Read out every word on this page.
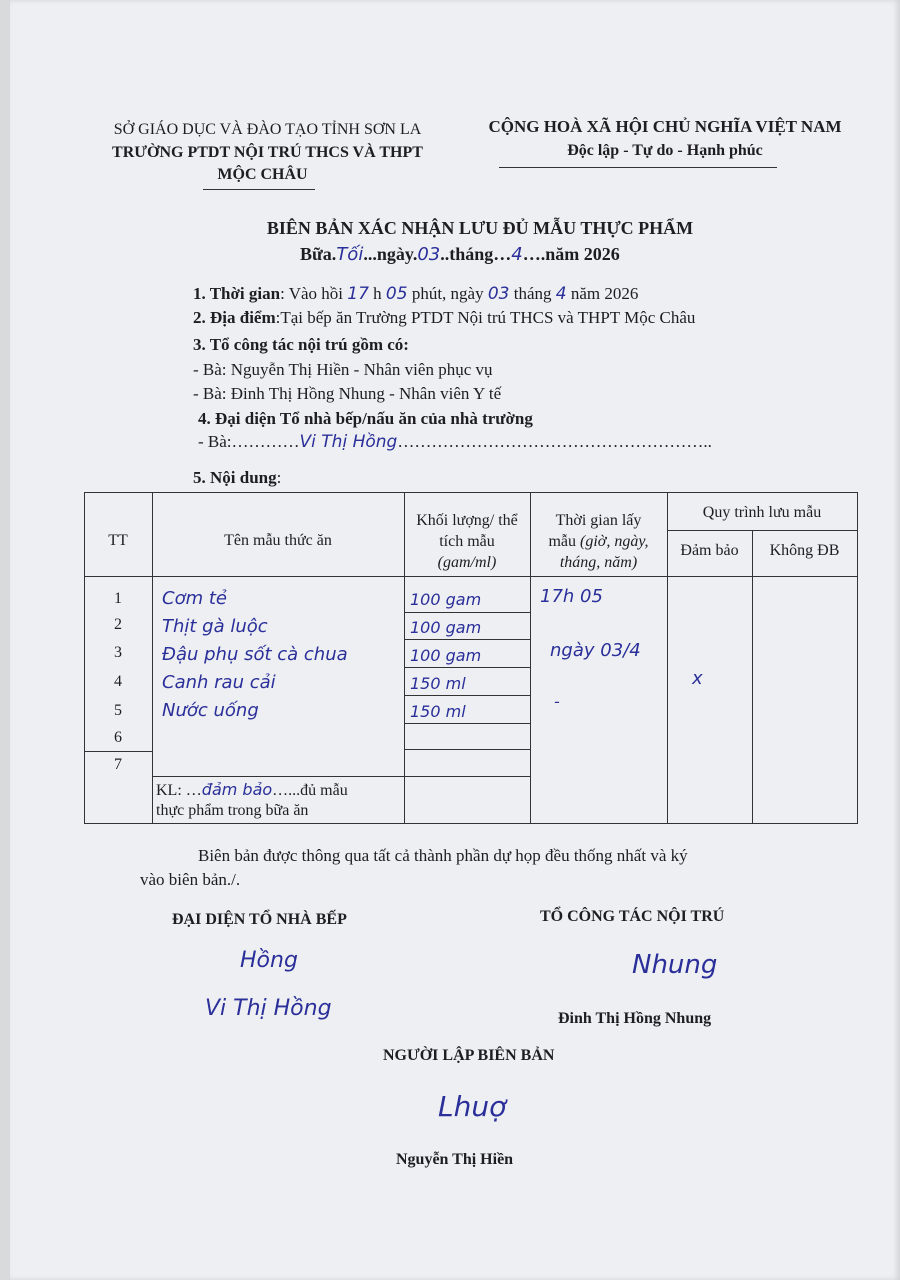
SỞ GIÁO DỤC VÀ ĐÀO TẠO TỈNH SƠN LA
TRƯỜNG PTDT NỘI TRÚ THCS VÀ THPT
MỘC CHÂU
CỘNG HOÀ XÃ HỘI CHỦ NGHĨA VIỆT NAM
Độc lập - Tự do - Hạnh phúc
BIÊN BẢN XÁC NHẬN LƯU ĐỦ MẪU THỰC PHẨM
Bữa.Tối...ngày.03..tháng…4….năm 2026
1. Thời gian: Vào hồi 17 h 05 phút, ngày 03 tháng 4 năm 2026
2. Địa điểm:Tại bếp ăn Trường PTDT Nội trú THCS và THPT Mộc Châu
3. Tổ công tác nội trú gồm có:
- Bà: Nguyễn Thị Hiền - Nhân viên phục vụ
- Bà: Đinh Thị Hồng Nhung - Nhân viên Y tế
4. Đại diện Tổ nhà bếp/nấu ăn của nhà trường
- Bà:…………Vi Thị Hồng………………………………………………..
5. Nội dung:
TT	Tên mẫu thức ăn
Khối lượng/ thể
tích mẫu
(gam/ml)
Thời gian lấy
mẫu (giờ, ngày,
tháng, năm)
Quy trình lưu mẫu
Đảm bảo	Không ĐB
1
2
3
4
5
6
7
Cơm tẻ
Thịt gà luộc
Đậu phụ sốt cà chua
Canh rau cải
Nước uống
100 gam
100 gam
100 gam
150 ml
150 ml
17h 05
ngày 03/4
-
x
KL: …đảm bảo…...đủ mẫu
thực phẩm trong bữa ăn
Biên bản được thông qua tất cả thành phần dự họp đều thống nhất và ký
vào biên bản./.
ĐẠI DIỆN TỔ NHÀ BẾP
Hồng
Vi Thị Hồng
TỔ CÔNG TÁC NỘI TRÚ
Nhung
Đinh Thị Hồng Nhung
NGƯỜI LẬP BIÊN BẢN
Lhuợ
Nguyễn Thị Hiền
